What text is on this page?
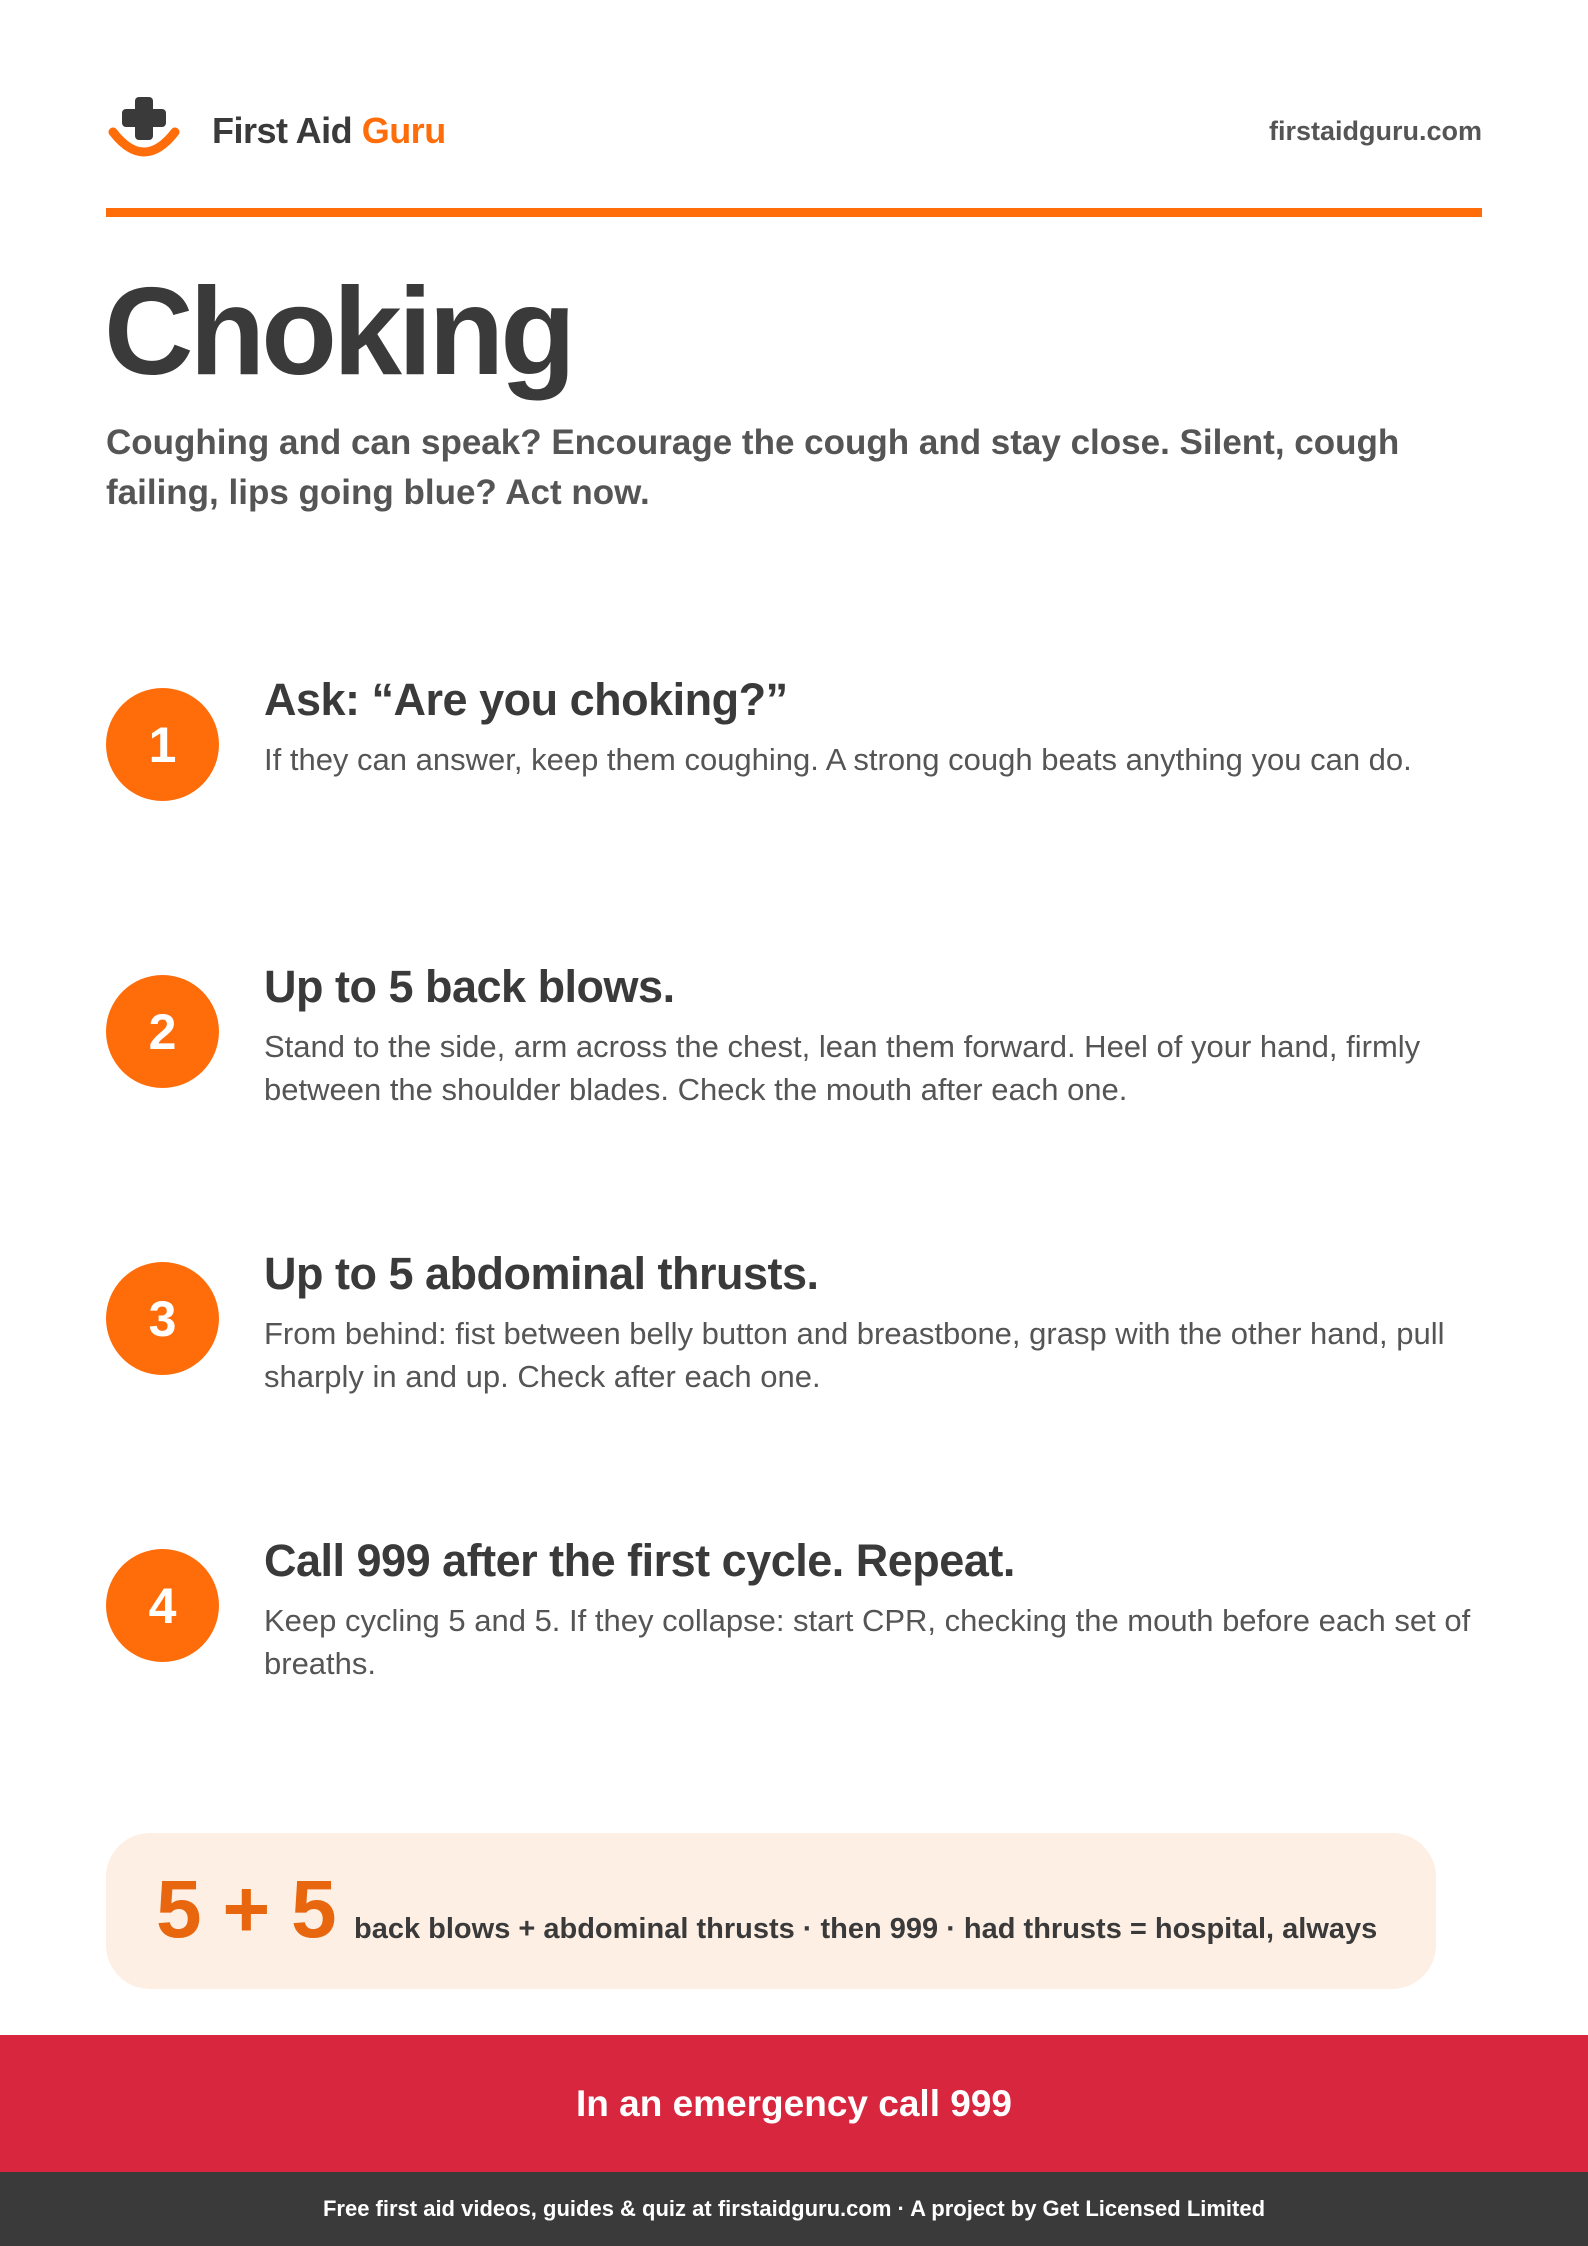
First Aid Guru	firstaidguru.com
Choking

Coughing and can speak? Encourage the cough and stay close. Silent, cough failing, lips going blue? Act now.

1
Ask: “Are you choking?”

If they can answer, keep them coughing. A strong cough beats anything you can do.

2
Up to 5 back blows.

Stand to the side, arm across the chest, lean them forward. Heel of your hand, firmly between the shoulder blades. Check the mouth after each one.

3
Up to 5 abdominal thrusts.

From behind: fist between belly button and breastbone, grasp with the other hand, pull sharply in and up. Check after each one.

4
Call 999 after the first cycle. Repeat.

Keep cycling 5 and 5. If they collapse: start CPR, checking the mouth before each set of breaths.

5 + 5 back blows + abdominal thrusts · then 999 · had thrusts = hospital, always
In an emergency call 999
Free first aid videos, guides & quiz at firstaidguru.com · A project by Get Licensed Limited
